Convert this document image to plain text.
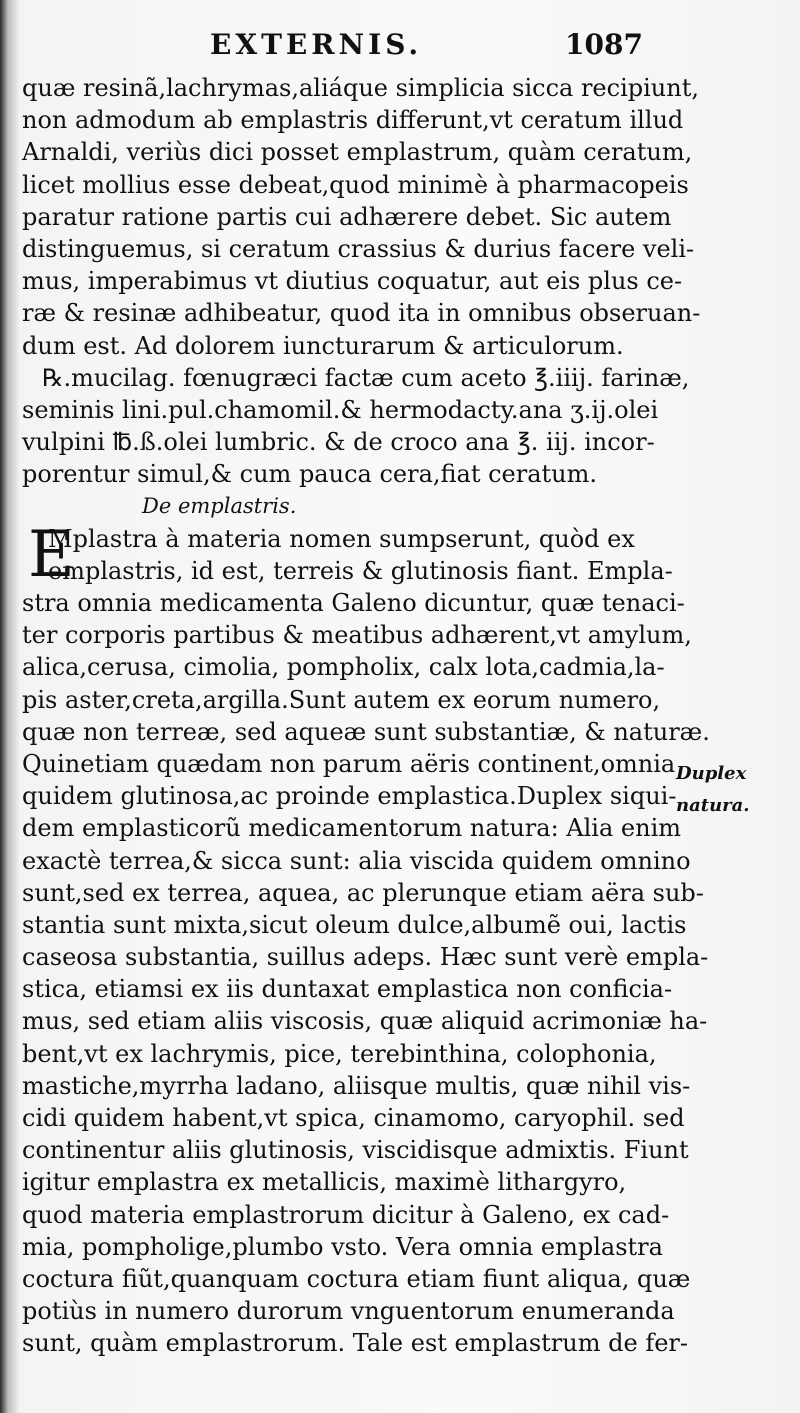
EXTERNIS.	1087
quæ resinã,lachrymas,aliáque simplicia sicca recipiunt,
non admodum ab emplastris differunt,vt ceratum illud
Arnaldi, veriùs dici posset emplastrum, quàm ceratum,
licet mollius esse debeat,quod minimè à pharmacopeis
paratur ratione partis cui adhærere debet. Sic autem
distinguemus, si ceratum crassius & durius facere veli-
mus, imperabimus vt diutius coquatur, aut eis plus ce-
ræ & resinæ adhibeatur, quod ita in omnibus obseruan-
dum est. Ad dolorem iuncturarum & articulorum.
℞.mucilag. fœnugræci factæ cum aceto ℥.iiij. farinæ,
seminis lini.pul.chamomil.& hermodacty.ana ʒ.ij.olei
vulpini ℔.ß.olei lumbric. & de croco ana ℥. iij. incor-
porentur simul,& cum pauca cera,fiat ceratum.
De emplastris.
E
Mplastra à materia nomen sumpserunt, quòd ex
emplastris, id est, terreis & glutinosis fiant. Empla-
stra omnia medicamenta Galeno dicuntur, quæ tenaci-
ter corporis partibus & meatibus adhærent,vt amylum,
alica,cerusa, cimolia, pompholix, calx lota,cadmia,la-
pis aster,creta,argilla.Sunt autem ex eorum numero,
quæ non terreæ, sed aqueæ sunt substantiæ, & naturæ.
Quinetiam quædam non parum aëris continent,omnia
quidem glutinosa,ac proinde emplastica.Duplex siqui-
dem emplasticorũ medicamentorum natura: Alia enim
exactè terrea,& sicca sunt: alia viscida quidem omnino
sunt,sed ex terrea, aquea, ac plerunque etiam aëra sub-
stantia sunt mixta,sicut oleum dulce,albumẽ oui, lactis
caseosa substantia, suillus adeps. Hæc sunt verè empla-
stica, etiamsi ex iis duntaxat emplastica non conficia-
mus, sed etiam aliis viscosis, quæ aliquid acrimoniæ ha-
bent,vt ex lachrymis, pice, terebinthina, colophonia,
mastiche,myrrha ladano, aliisque multis, quæ nihil vis-
cidi quidem habent,vt spica, cinamomo, caryophil. sed
continentur aliis glutinosis, viscidisque admixtis. Fiunt
igitur emplastra ex metallicis, maximè lithargyro,
quod materia emplastrorum dicitur à Galeno, ex cad-
mia, pompholige,plumbo vsto. Vera omnia emplastra
coctura fiũt,quanquam coctura etiam fiunt aliqua, quæ
potiùs in numero durorum vnguentorum enumeranda
sunt, quàm emplastrorum. Tale est emplastrum de fer-
Duplex
natura.
